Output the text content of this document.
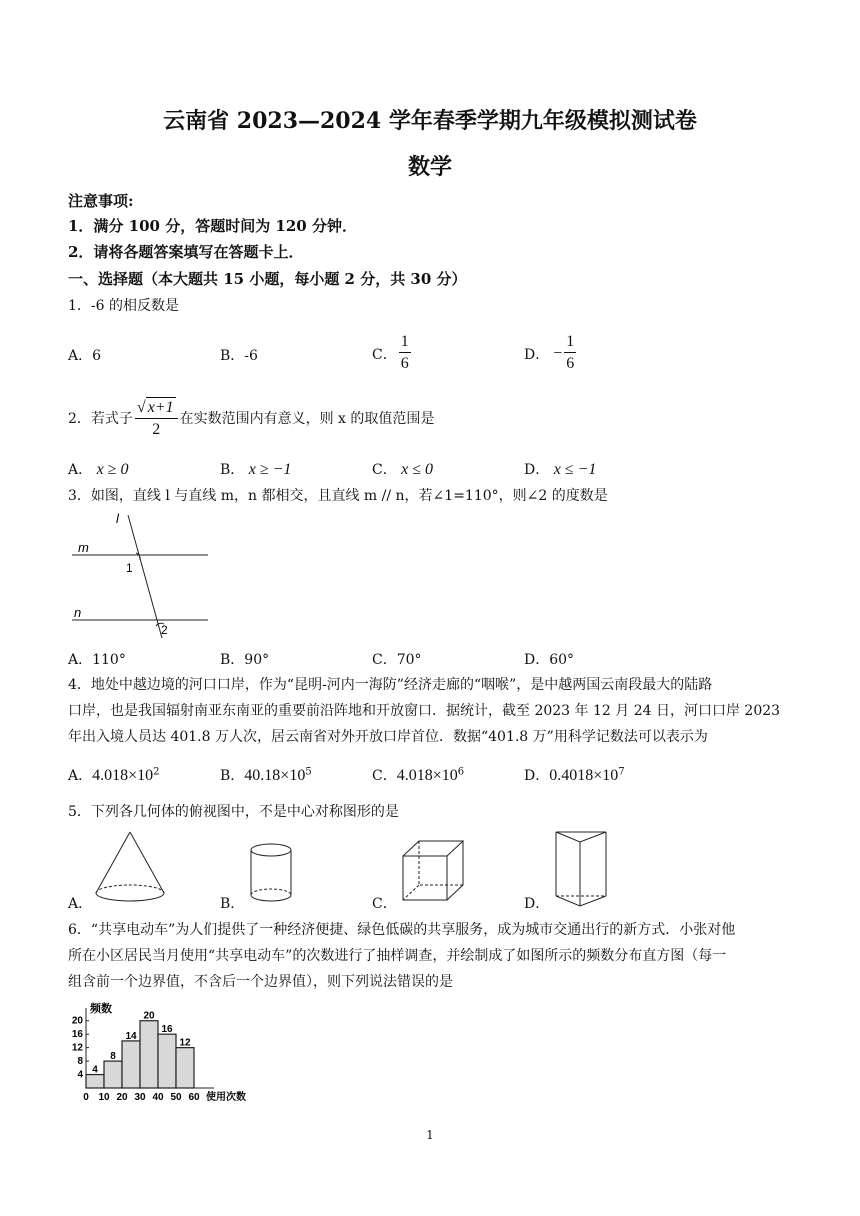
云南省 2023—2024 学年春季学期九年级模拟测试卷
数学
注意事项:
1．满分 100 分，答题时间为 120 分钟．
2．请将各题答案填写在答题卡上．
一、选择题（本大题共 15 小题，每小题 2 分，共 30 分）
1．-6 的相反数是
A．6	B．-6	C． $\frac{1}{6}$	D． − $\frac{1}{6}$
2．若式子 $\frac{√ x+1}{2}$ 在实数范围内有意义，则 x 的取值范围是
A． x ≥ 0	B． x ≥ −1	C． x ≤ 0	D． x ≤ −1
3．如图，直线 l 与直线 m，n 都相交，且直线 m // n，若∠1=110°，则∠2 的度数是
l
m
n
1
2
A．110°	B．90°	C．70°	D．60°
4．地处中越边境的河口口岸，作为“昆明-河内一海防”经济走廊的“咽喉”，是中越两国云南段最大的陆路
口岸，也是我国辐射南亚东南亚的重要前沿阵地和开放窗口．据统计，截至 2023 年 12 月 24 日，河口口岸 2023
年出入境人员达 401.8 万人次，居云南省对外开放口岸首位．数据“401.8 万”用科学记数法可以表示为
A．$4.018\times 10^2$	B．$40.18\times 10^5$	C．$4.018\times 10^6$	D．$0.4018\times 10^7$
5．下列各几何体的俯视图中，不是中心对称图形的是
A．	B．	C．	D．
6．“共享电动车”为人们提供了一种经济便捷、绿色低碳的共享服务，成为城市交通出行的新方式．小张对他
所在小区居民当月使用“共享电动车”的次数进行了抽样调查，并绘制成了如图所示的频数分布直方图（每一
组含前一个边界值，不含后一个边界值），则下列说法错误的是
频数
使用次数
4
8
14
20
16
12
4
8
12
16
20
0 10 20 30 40 50 60
1
